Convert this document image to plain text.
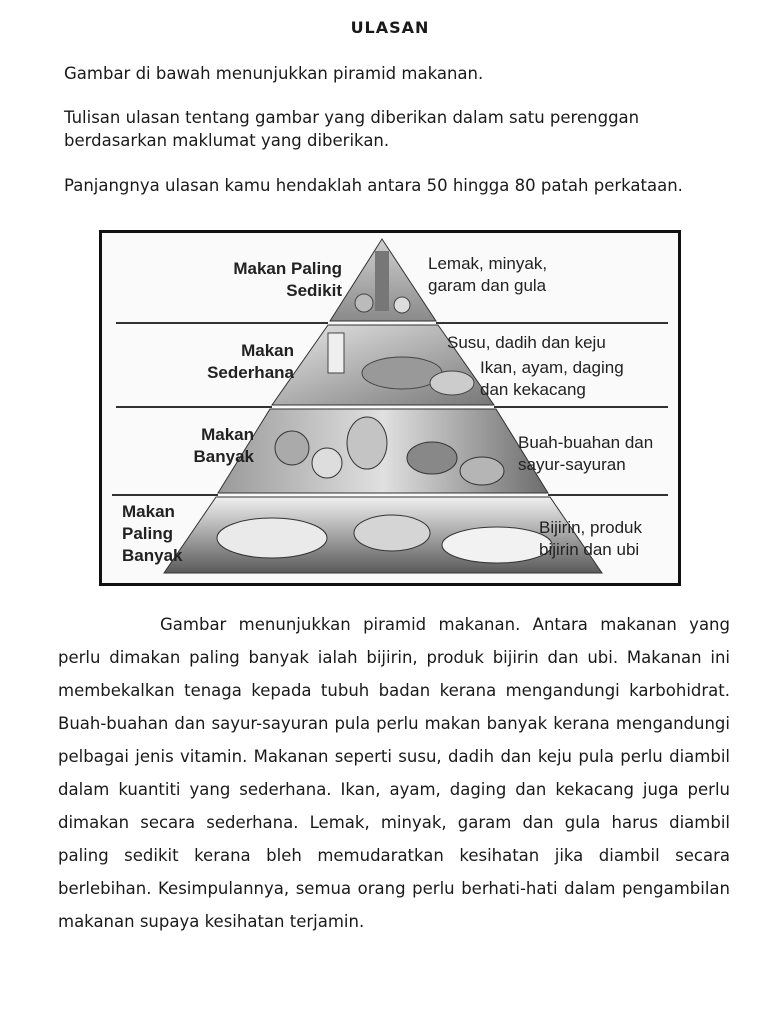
ULASAN

Gambar di bawah menunjukkan piramid makanan.

Tulisan ulasan tentang gambar yang diberikan dalam satu perenggan berdasarkan maklumat yang diberikan.

Panjangnya ulasan kamu hendaklah antara 50 hingga 80 patah perkataan.

Makan Paling Sedikit
Makan Sederhana
Makan Banyak
Makan Paling Banyak
Lemak, minyak, garam dan gula
Susu, dadih dan keju
Ikan, ayam, daging dan kekacang
Buah-buahan dan sayur-sayuran
Bijirin, produk bijirin dan ubi

Gambar menunjukkan piramid makanan. Antara makanan yang perlu dimakan paling banyak ialah bijirin, produk bijirin dan ubi. Makanan ini membekalkan tenaga kepada tubuh badan kerana mengandungi karbohidrat. Buah-buahan dan sayur-sayuran pula perlu makan banyak kerana mengandungi pelbagai jenis vitamin. Makanan seperti susu, dadih dan keju pula perlu diambil dalam kuantiti yang sederhana. Ikan, ayam, daging dan kekacang juga perlu dimakan secara sederhana. Lemak, minyak, garam dan gula harus diambil paling sedikit kerana bleh memudaratkan kesihatan jika diambil secara berlebihan. Kesimpulannya, semua orang perlu berhati-hati dalam pengambilan makanan supaya kesihatan terjamin.
